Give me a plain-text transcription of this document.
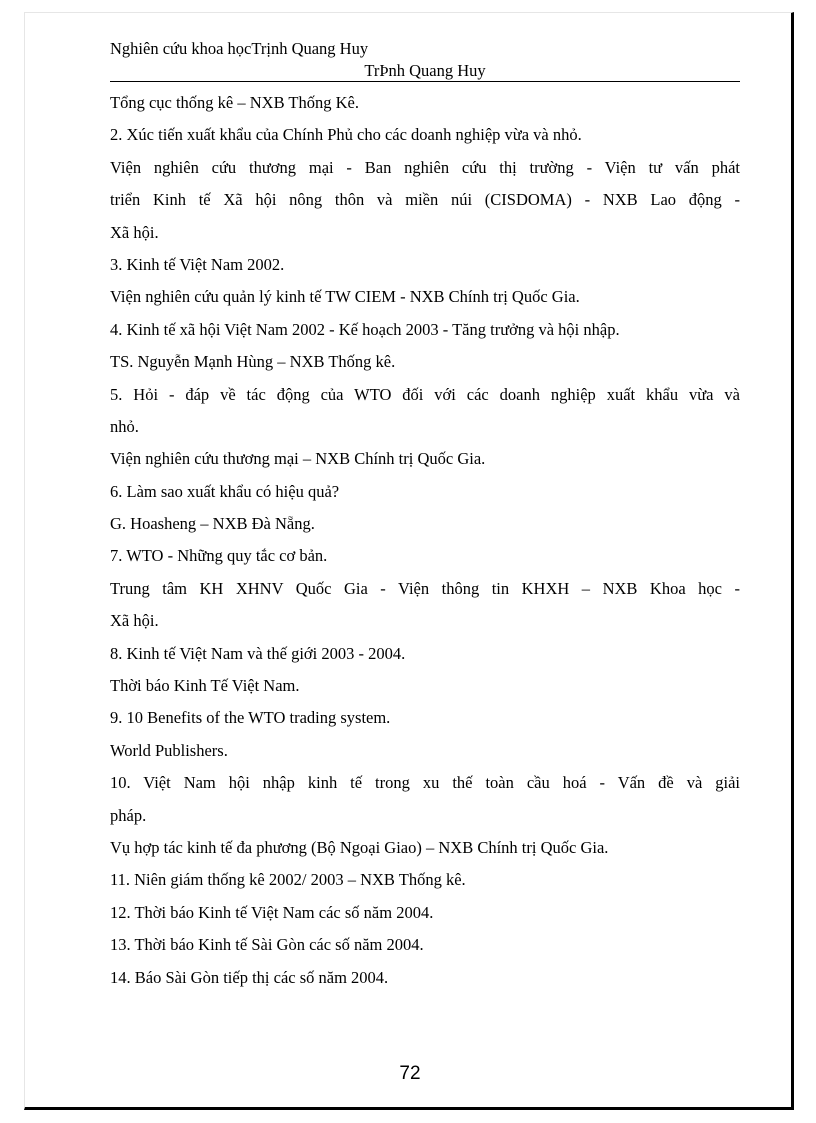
72
Nghiên cứu khoa họcTrịnh Quang Huy
TrÞnh Quang Huy
Tổng cục thống kê – NXB Thống Kê.
2. Xúc tiến xuất khẩu của Chính Phủ cho các doanh nghiệp vừa và nhỏ.
Viện nghiên cứu thương mại - Ban nghiên cứu thị trường - Viện tư vấn phát
triển Kinh tế Xã hội nông thôn và miền núi (CISDOMA) - NXB Lao động -
Xã hội.
3. Kinh tế Việt Nam 2002.
Viện nghiên cứu quản lý kinh tế TW CIEM - NXB Chính trị Quốc Gia.
4. Kinh tế xã hội Việt Nam 2002 - Kế hoạch 2003 - Tăng trưởng và hội nhập.
TS. Nguyễn Mạnh Hùng – NXB Thống kê.
5. Hỏi - đáp về tác động của WTO đối với các doanh nghiệp xuất khẩu vừa và
nhỏ.
Viện nghiên cứu thương mại – NXB Chính trị Quốc Gia.
6. Làm sao xuất khẩu có hiệu quả?
G. Hoasheng – NXB Đà Nẵng.
7. WTO - Những quy tắc cơ bản.
Trung tâm KH XHNV Quốc Gia - Viện thông tin KHXH – NXB Khoa học -
Xã hội.
8. Kinh tế Việt Nam và thế giới 2003 - 2004.
Thời báo Kinh Tế Việt Nam.
9. 10 Benefits of the WTO trading system.
World Publishers.
10. Việt Nam hội nhập kinh tế trong xu thế toàn cầu hoá - Vấn đề và giải
pháp.
Vụ hợp tác kinh tế đa phương (Bộ Ngoại Giao) – NXB Chính trị Quốc Gia.
11. Niên giám thống kê 2002/ 2003 – NXB Thống kê.
12. Thời báo Kinh tế Việt Nam các số năm 2004.
13. Thời báo Kinh tế Sài Gòn các số năm 2004.
14. Báo Sài Gòn tiếp thị các số năm 2004.
